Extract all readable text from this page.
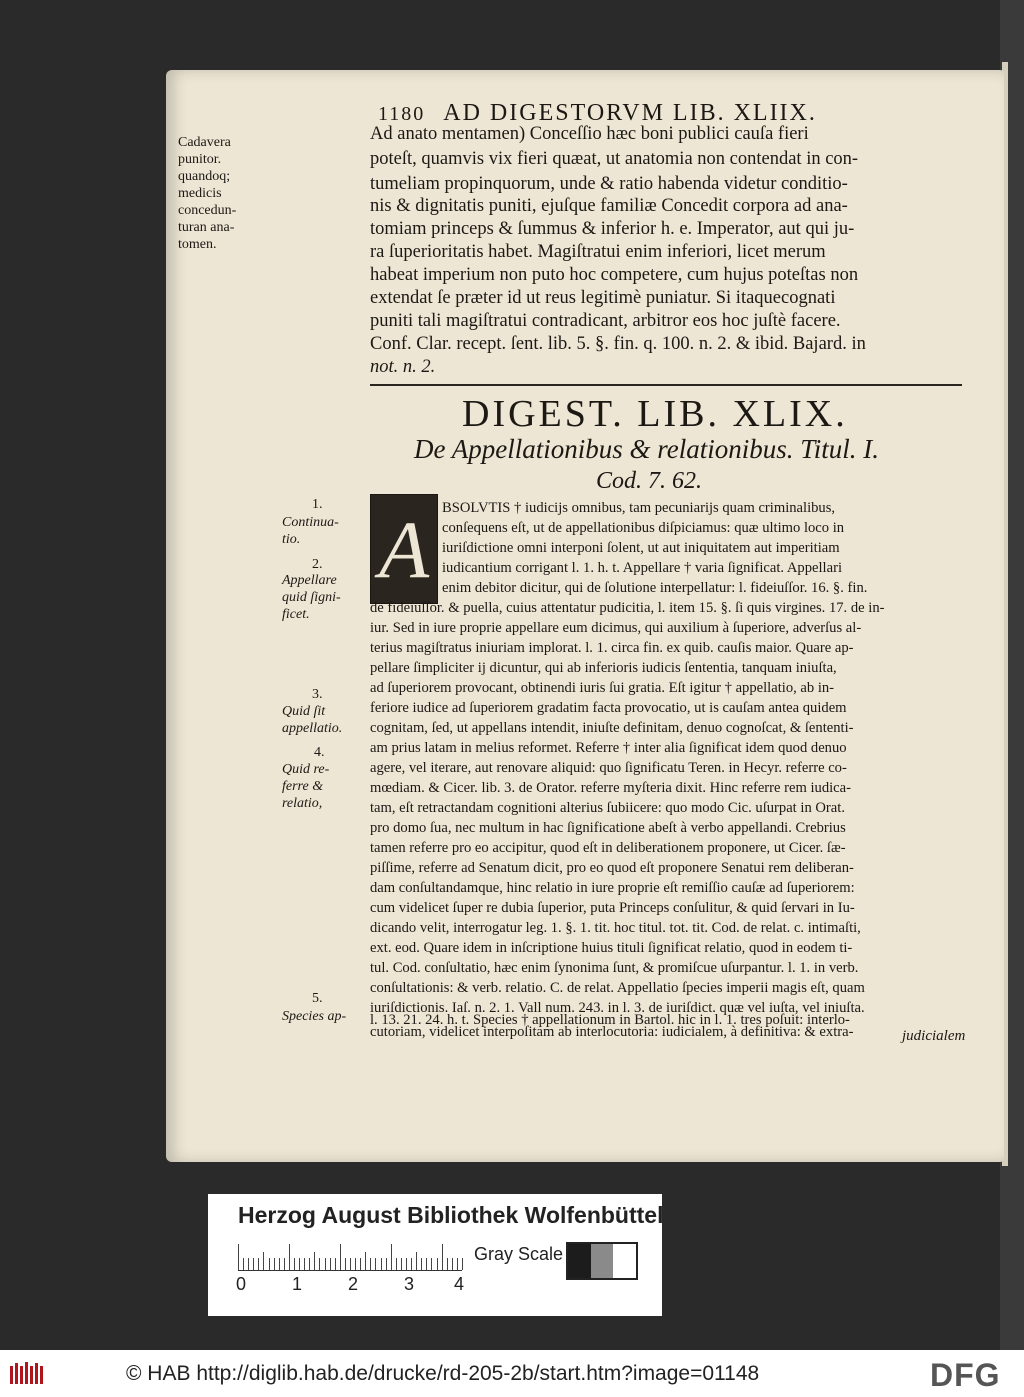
1180 AD DIGESTORVM LIB. XLIIX.
Cadavera
punitor.
quandoq;
medicis
concedun-
turan ana-
tomen.
Ad anato mentamen) Conceſſio hæc boni publici cauſa fieri
poteſt, quamvis vix fieri quæat, ut anatomia non contendat in con-
tumeliam propinquorum, unde & ratio habenda videtur conditio-
nis & dignitatis puniti, ejuſque familiæ Concedit corpora ad ana-
tomiam princeps & ſummus & inferior h. e. Imperator, aut qui ju-
ra ſuperioritatis habet. Magiſtratui enim inferiori, licet merum
habeat imperium non puto hoc competere, cum hujus poteſtas non
extendat ſe præter id ut reus legitimè puniatur. Si itaquecognati
puniti tali magiſtratui contradicant, arbitror eos hoc juſtè facere.
Conf. Clar. recept. ſent. lib. 5. §. fin. q. 100. n. 2. & ibid. Bajard. in
not. n. 2.
DIGEST. LIB. XLIX.
De Appellationibus & relationibus. Titul. I.
Cod. 7. 62.
A
1.
Continua-
tio.
2.
Appellare
quid ſigni-
ficet.
3.
Quid ſit
appellatio.
4.
Quid re-
ferre &
relatio,
5.
Species ap-
BSOLVTIS † iudicijs omnibus, tam pecuniarijs quam criminalibus,
conſequens eſt, ut de appellationibus diſpiciamus: quæ ultimo loco in
iuriſdictione omni interponi ſolent, ut aut iniquitatem aut imperitiam
iudicantium corrigant l. 1. h. t. Appellare † varia ſignificat. Appellari
enim debitor dicitur, qui de ſolutione interpellatur: l. fideiuſſor. 16. §. fin.
de fideiuſſor. & puella, cuius attentatur pudicitia, l. item 15. §. ſi quis virgines. 17. de in-
iur. Sed in iure proprie appellare eum dicimus, qui auxilium à ſuperiore, adverſus al-
terius magiſtratus iniuriam implorat. l. 1. circa fin. ex quib. cauſis maior. Quare ap-
pellare ſimpliciter ij dicuntur, qui ab inferioris iudicis ſententia, tanquam iniuſta,
ad ſuperiorem provocant, obtinendi iuris ſui gratia. Eſt igitur † appellatio, ab in-
feriore iudice ad ſuperiorem gradatim facta provocatio, ut is cauſam antea quidem
cognitam, ſed, ut appellans intendit, iniuſte definitam, denuo cognoſcat, & ſententi-
am prius latam in melius reformet. Referre † inter alia ſignificat idem quod denuo
agere, vel iterare, aut renovare aliquid: quo ſignificatu Teren. in Hecyr. referre co-
mœdiam. & Cicer. lib. 3. de Orator. referre myſteria dixit. Hinc referre rem iudica-
tam, eſt retractandam cognitioni alterius ſubiicere: quo modo Cic. uſurpat in Orat.
pro domo ſua, nec multum in hac ſignificatione abeſt à verbo appellandi. Crebrius
tamen referre pro eo accipitur, quod eſt in deliberationem proponere, ut Cicer. ſæ-
piſſime, referre ad Senatum dicit, pro eo quod eſt proponere Senatui rem deliberan-
dam conſultandamque, hinc relatio in iure proprie eſt remiſſio cauſæ ad ſuperiorem:
cum videlicet ſuper re dubia ſuperior, puta Princeps conſulitur, & quid ſervari in Iu-
dicando velit, interrogatur leg. 1. §. 1. tit. hoc titul. tot. tit. Cod. de relat. c. intimaſti,
ext. eod. Quare idem in inſcriptione huius tituli ſignificat relatio, quod in eodem ti-
tul. Cod. conſultatio, hæc enim ſynonima ſunt, & promiſcue uſurpantur. l. 1. in verb.
conſultationis: & verb. relatio. C. de relat. Appellatio ſpecies imperii magis eſt, quam
iuriſdictionis. Iaſ. n. 2. 1. Vall num. 243. in l. 3. de iuriſdict. quæ vel iuſta, vel iniuſta.
l. 13. 21. 24. h. t. Species † appellationum in Bartol. hic in l. 1. tres poſuit: interlo-
cutoriam, videlicet interpoſitam ab interlocutoria: iudicialem, à definitiva: & extra-	judicialem
Herzog August Bibliothek Wolfenbüttel
0	1	2	3 4
Gray Scale
© HAB http://diglib.hab.de/drucke/rd-205-2b/start.htm?image=01148	DFG
